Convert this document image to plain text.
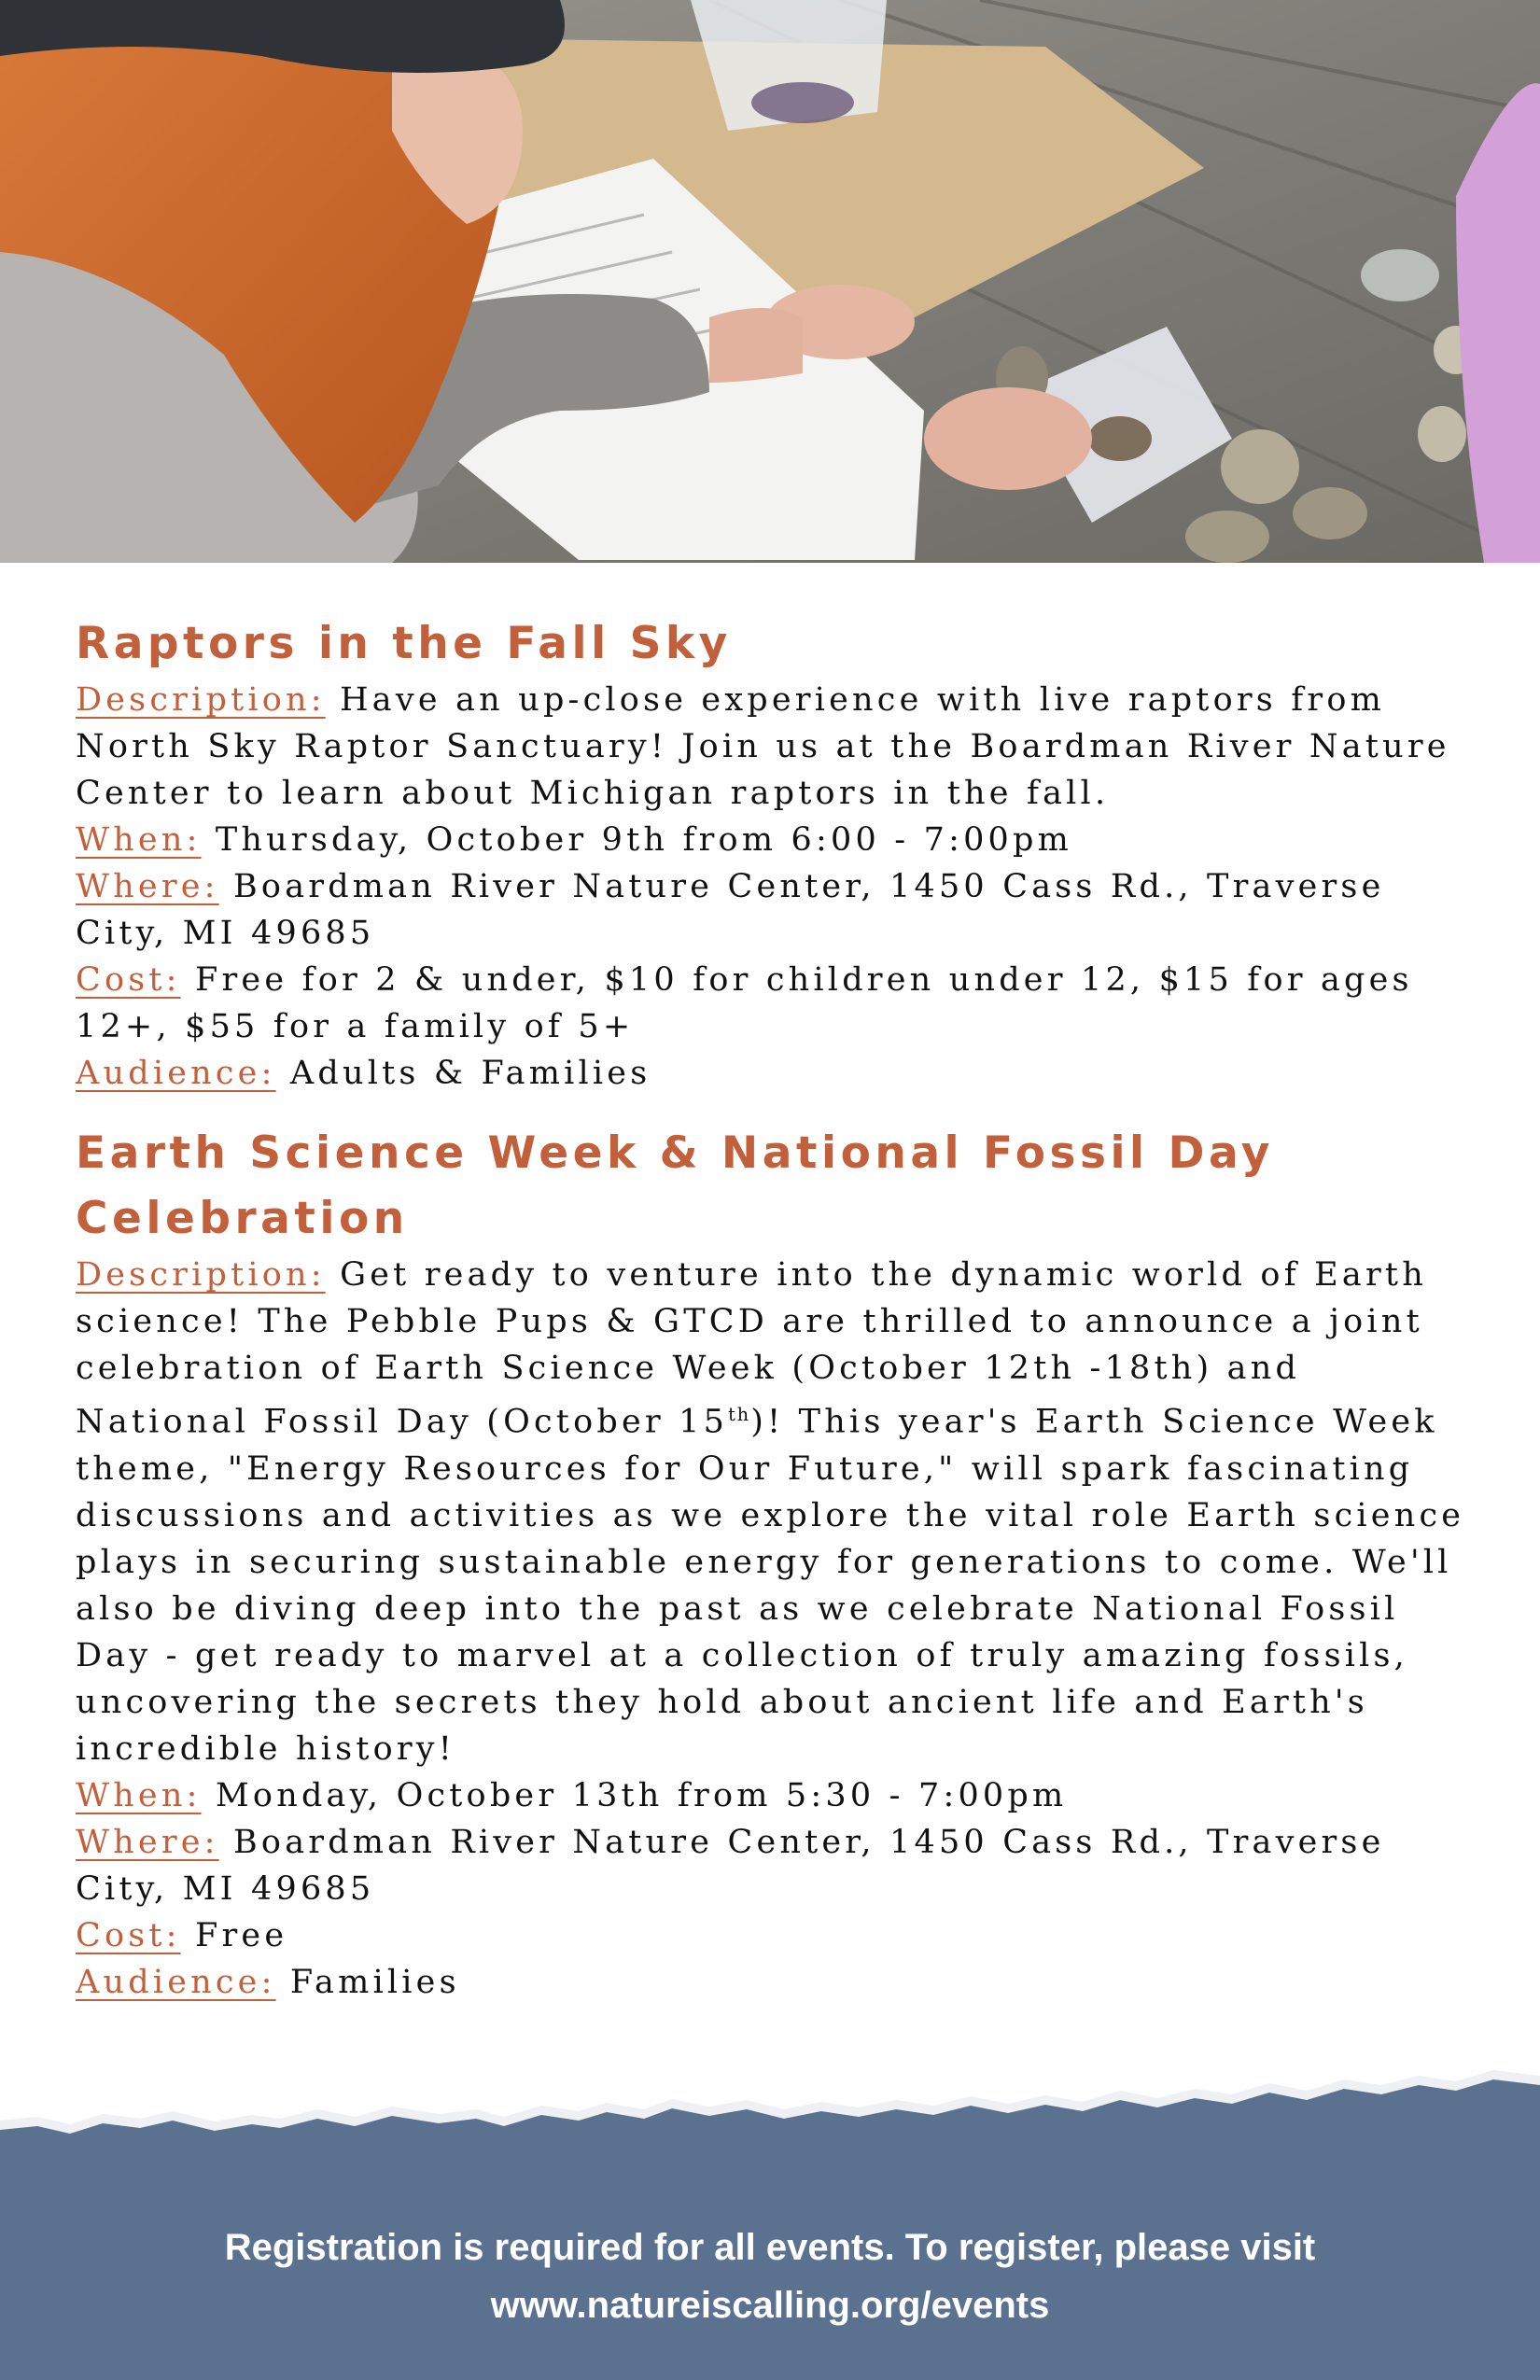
Raptors in the Fall Sky

Description: Have an up-close experience with live raptors from North Sky Raptor Sanctuary! Join us at the Boardman River Nature Center to learn about Michigan raptors in the fall.

When: Thursday, October 9th from 6:00 - 7:00pm

Where: Boardman River Nature Center, 1450 Cass Rd., Traverse City, MI 49685

Cost: Free for 2 & under, $10 for children under 12, $15 for ages 12+, $55 for a family of 5+

Audience: Adults & Families

Earth Science Week & National Fossil Day Celebration

Description: Get ready to venture into the dynamic world of Earth science! The Pebble Pups & GTCD are thrilled to announce a joint celebration of Earth Science Week (October 12th -18th) and National Fossil Day (October 15th)! This year's Earth Science Week theme, "Energy Resources for Our Future," will spark fascinating discussions and activities as we explore the vital role Earth science plays in securing sustainable energy for generations to come. We'll also be diving deep into the past as we celebrate National Fossil Day - get ready to marvel at a collection of truly amazing fossils, uncovering the secrets they hold about ancient life and Earth's incredible history!

When: Monday, October 13th from 5:30 - 7:00pm

Where: Boardman River Nature Center, 1450 Cass Rd., Traverse City, MI 49685

Cost: Free

Audience: Families

Registration is required for all events. To register, please visit
www.natureiscalling.org/events
